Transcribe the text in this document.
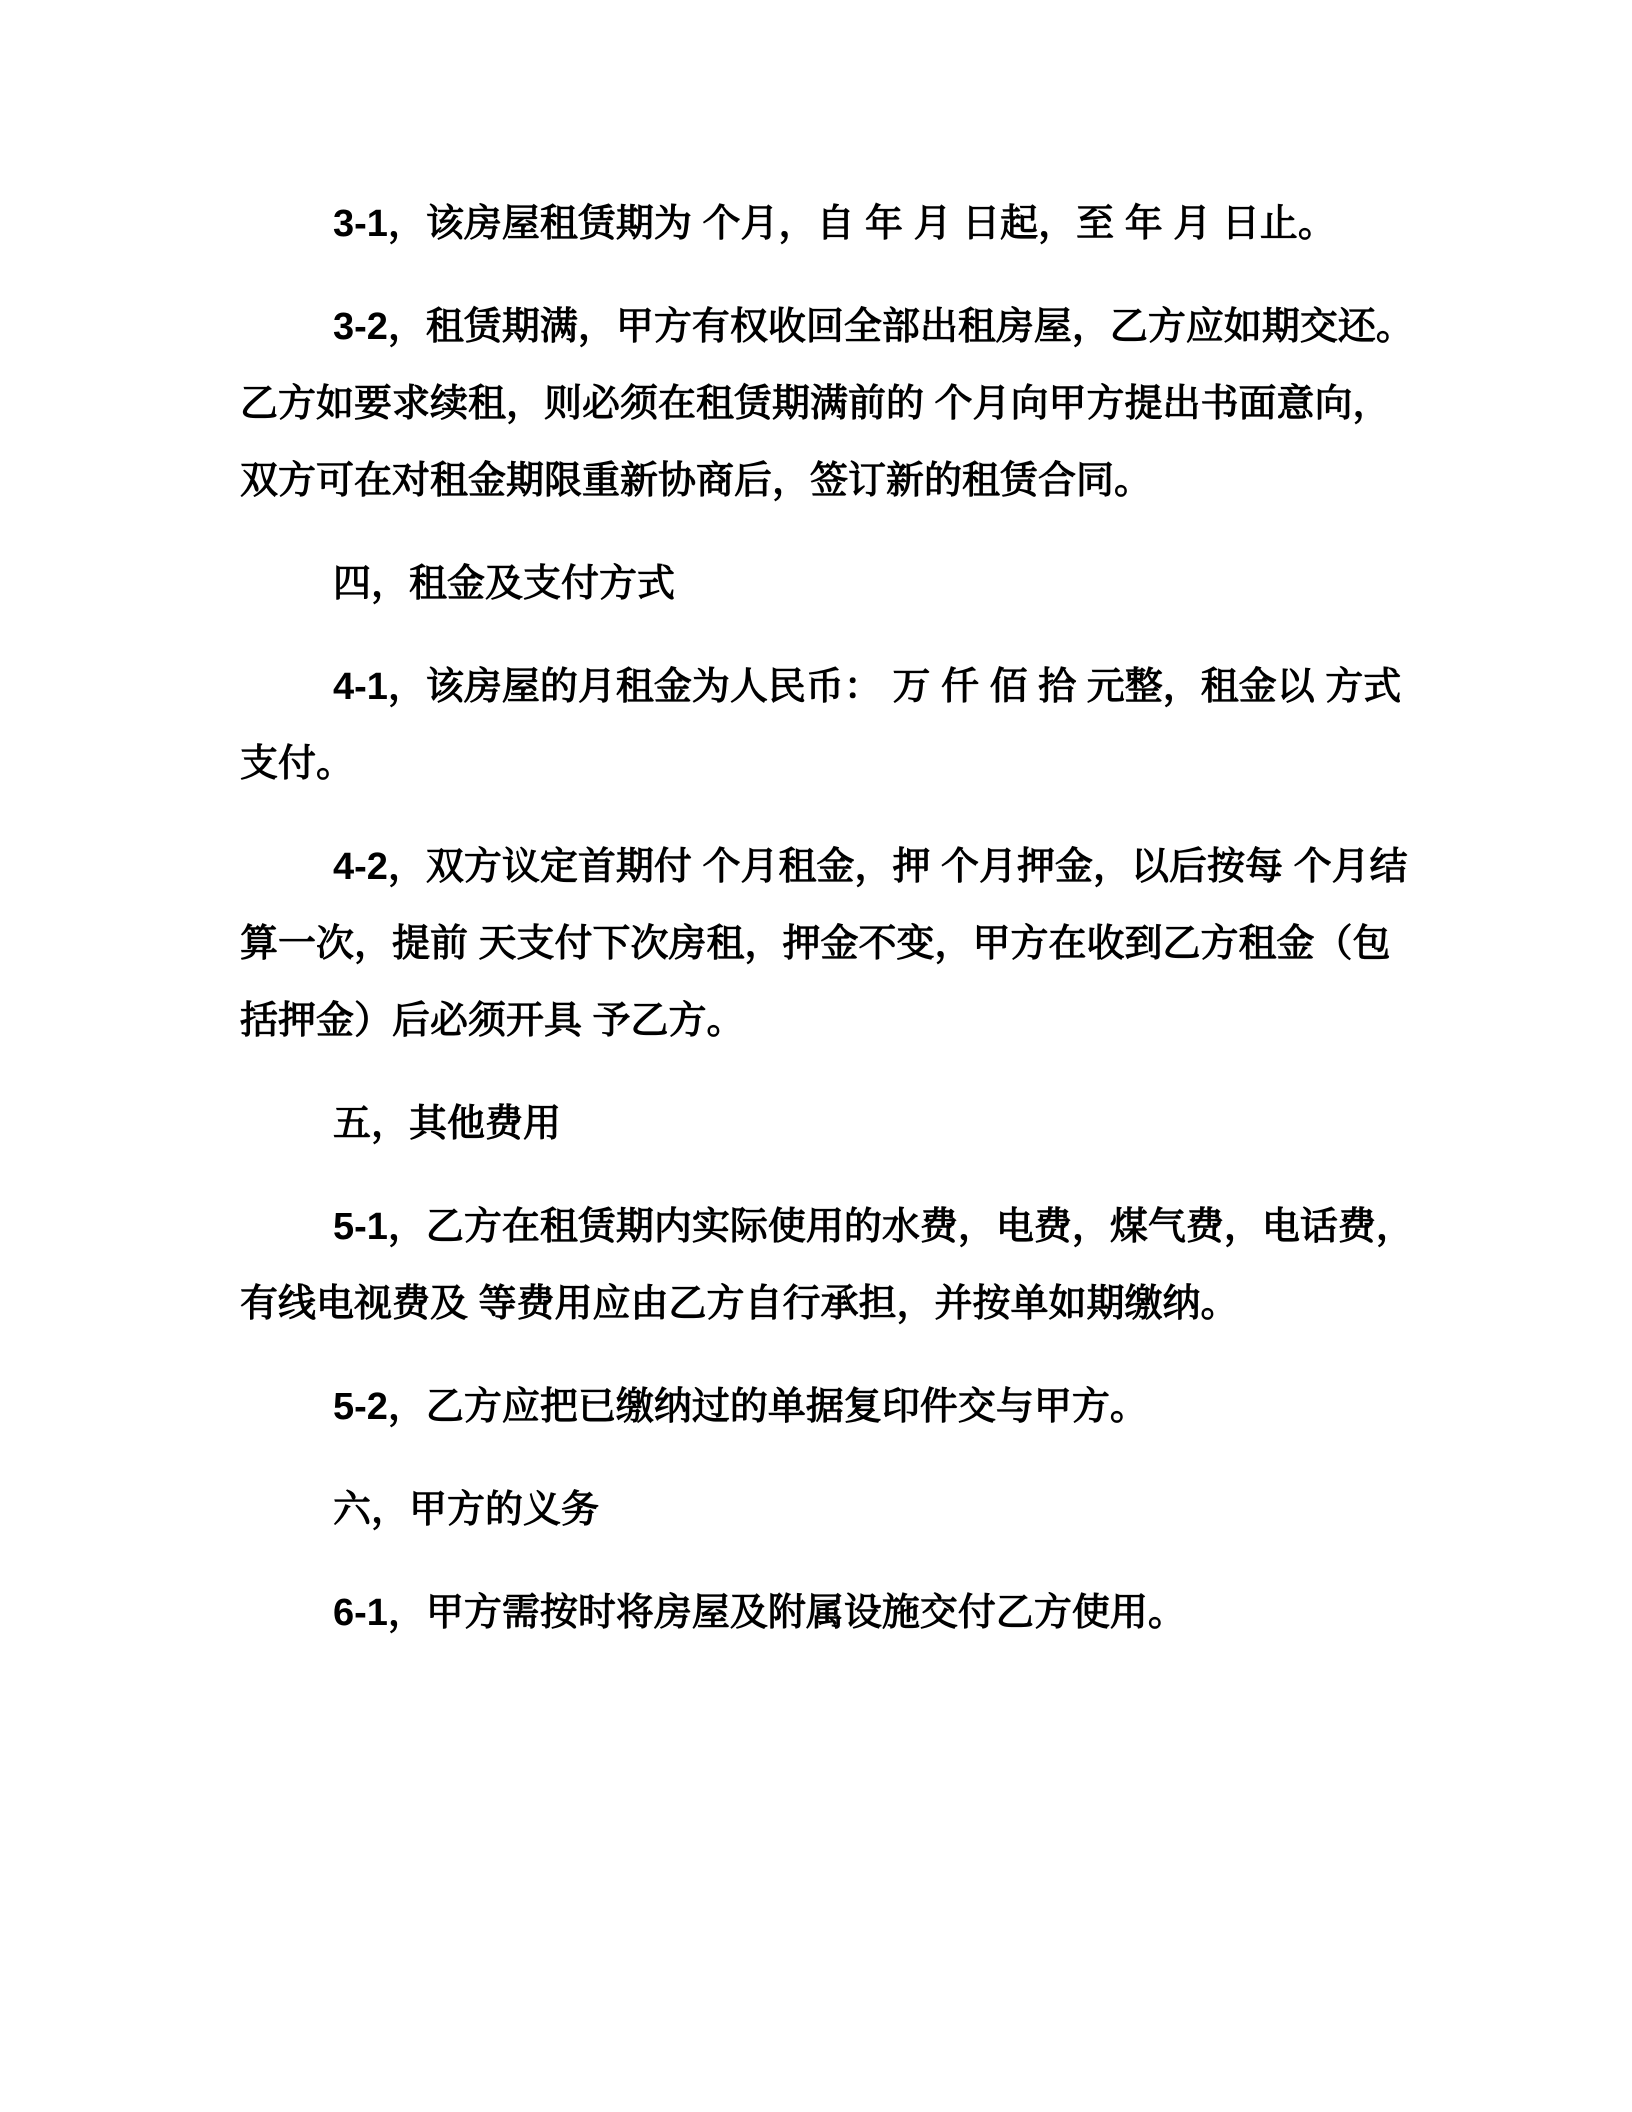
3-1，该房屋租赁期为 个月，自 年 月 日起，至 年 月 日止。
3-2，租赁期满，甲方有权收回全部出租房屋，乙方应如期交还。
乙方如要求续租，则必须在租赁期满前的 个月向甲方提出书面意向，
双方可在对租金期限重新协商后，签订新的租赁合同。
四，租金及支付方式
4-1，该房屋的月租金为人民币： 万 仟 佰 拾 元整，租金以 方式
支付。
4-2，双方议定首期付 个月租金，押 个月押金，以后按每 个月结
算一次，提前 天支付下次房租，押金不变，甲方在收到乙方租金（包
括押金）后必须开具 予乙方。
五，其他费用
5-1，乙方在租赁期内实际使用的水费，电费，煤气费，电话费，
有线电视费及 等费用应由乙方自行承担，并按单如期缴纳。
5-2，乙方应把已缴纳过的单据复印件交与甲方。
六，甲方的义务
6-1，甲方需按时将房屋及附属设施交付乙方使用。
